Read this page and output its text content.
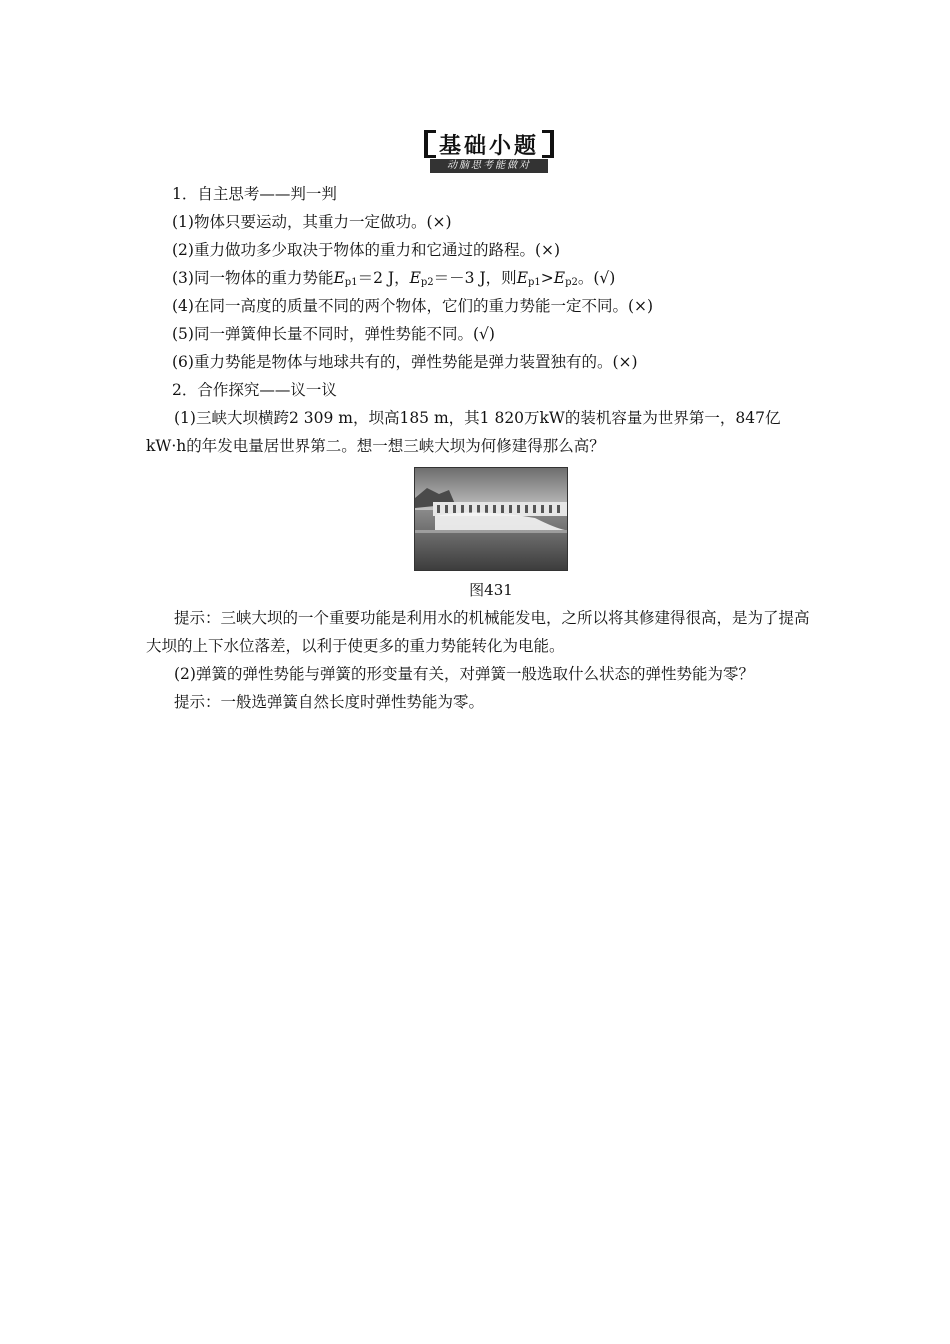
基础小题
动脑思考能做对
1．自主思考——判一判
(1)物体只要运动，其重力一定做功。(×)
(2)重力做功多少取决于物体的重力和它通过的路程。(×)
(3)同一物体的重力势能$E_{p1}=2$ J，$E_{p2}=-3$ J，则$E_{p1}>E_{p2}$。(√)
(4)在同一高度的质量不同的两个物体，它们的重力势能一定不同。(×)
(5)同一弹簧伸长量不同时，弹性势能不同。(√)
(6)重力势能是物体与地球共有的，弹性势能是弹力装置独有的。(×)
2．合作探究——议一议
(1)三峡大坝横跨2 309 m，坝高185 m，其1 820万kW的装机容量为世界第一，847亿 kW·h的年发电量居世界第二。想一想三峡大坝为何修建得那么高？
图431
提示：三峡大坝的一个重要功能是利用水的机械能发电，之所以将其修建得很高，是为了提高大坝的上下水位落差，以利于使更多的重力势能转化为电能。
(2)弹簧的弹性势能与弹簧的形变量有关，对弹簧一般选取什么状态的弹性势能为零？
提示：一般选弹簧自然长度时弹性势能为零。
